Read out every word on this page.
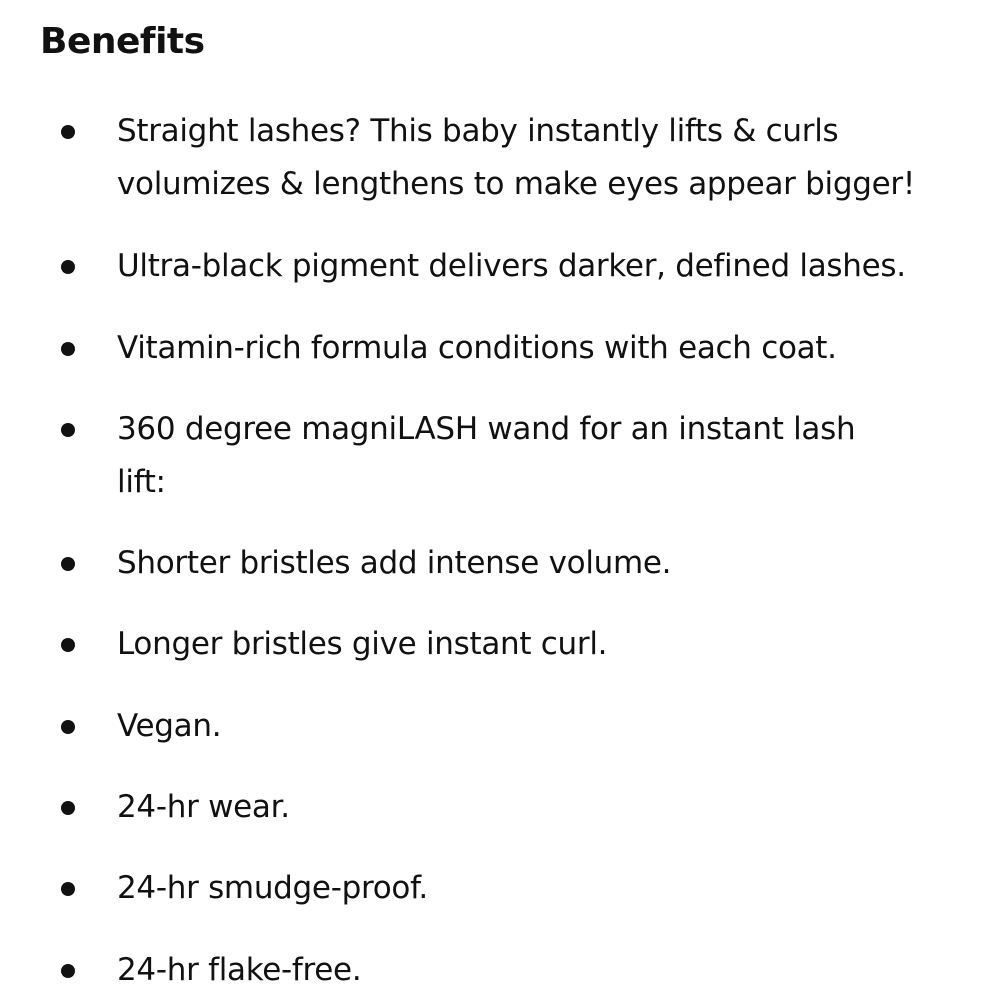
Benefits
Straight lashes? This baby instantly lifts & curls
volumizes & lengthens to make eyes appear bigger!
Ultra-black pigment delivers darker, defined lashes.
Vitamin-rich formula conditions with each coat.
360 degree magniLASH wand for an instant lash
lift:
Shorter bristles add intense volume.
Longer bristles give instant curl.
Vegan.
24-hr wear.
24-hr smudge-proof.
24-hr flake-free.
